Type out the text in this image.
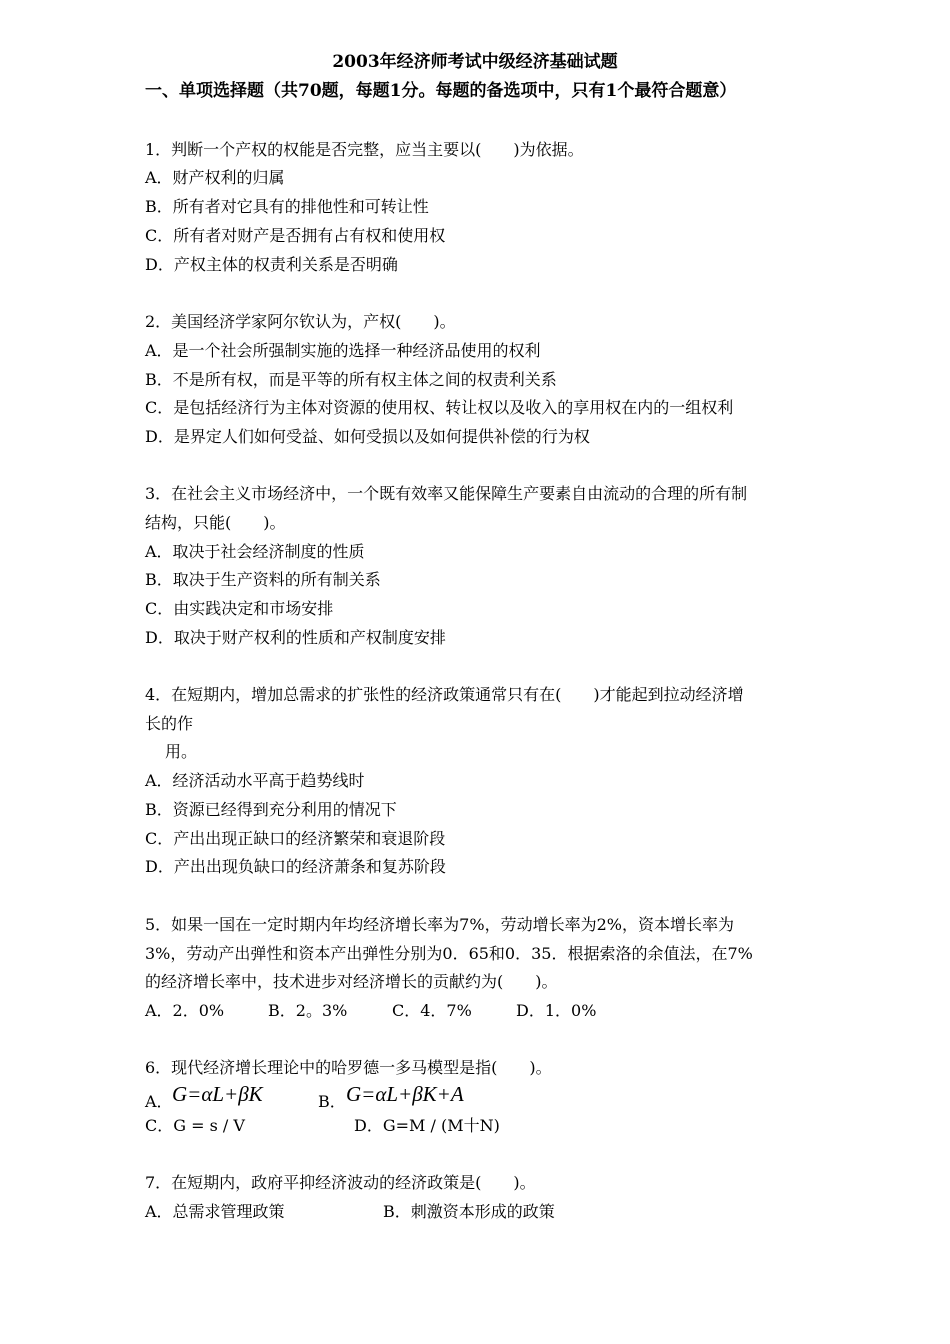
2003年经济师考试中级经济基础试题
一、单项选择题（共70题，每题1分。每题的备选项中，只有1个最符合题意）
1．判断一个产权的权能是否完整，应当主要以(　　)为依据。
A．财产权利的归属
B．所有者对它具有的排他性和可转让性
C．所有者对财产是否拥有占有权和使用权
D．产权主体的权责利关系是否明确
2．美国经济学家阿尔钦认为，产权(　　)。
A．是一个社会所强制实施的选择一种经济品使用的权利
B．不是所有权，而是平等的所有权主体之间的权责利关系
C．是包括经济行为主体对资源的使用权、转让权以及收入的享用权在内的一组权利
D．是界定人们如何受益、如何受损以及如何提供补偿的行为权
3．在社会主义市场经济中，一个既有效率又能保障生产要素自由流动的合理的所有制
结构，只能(　　)。
A．取决于社会经济制度的性质
B．取决于生产资料的所有制关系
C．由实践决定和市场安排
D．取决于财产权利的性质和产权制度安排
4．在短期内，增加总需求的扩张性的经济政策通常只有在(　　)才能起到拉动经济增
长的作
用。
A．经济活动水平高于趋势线时
B．资源已经得到充分利用的情况下
C．产出出现正缺口的经济繁荣和衰退阶段
D．产出出现负缺口的经济萧条和复苏阶段
5．如果一国在一定时期内年均经济增长率为7%，劳动增长率为2%，资本增长率为
3%，劳动产出弹性和资本产出弹性分别为0．65和0．35．根据索洛的余值法，在7%
的经济增长率中，技术进步对经济增长的贡献约为(　　)。
A．2．0%	B．2。3%	C．4．7%	D．1．0%
6．现代经济增长理论中的哈罗德一多马模型是指(　　)。
A． G=αL+βK	B． G=αL+βK+A
C．G = s / V	D．G=M / (M十N)
7．在短期内，政府平抑经济波动的经济政策是(　　)。
A．总需求管理政策	B．刺激资本形成的政策
